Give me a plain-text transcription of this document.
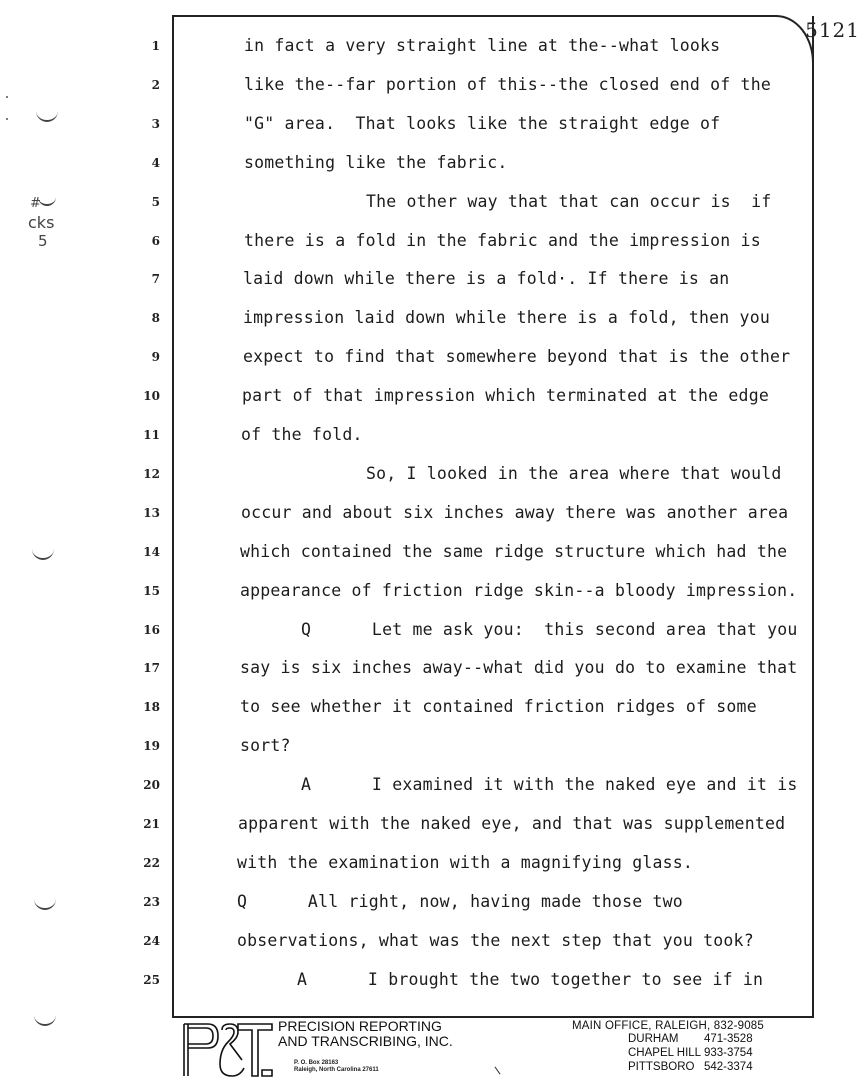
5121
#
cks
5
1	in fact a very straight line at the--what looks
2	like the--far portion of this--the closed end of the
3	"G" area.  That looks like the straight edge of
4	something like the fabric.
5	The other way that that can occur is  if
6	there is a fold in the fabric and the impression is
7	laid down while there is a fold·. If there is an
8	impression laid down while there is a fold, then you
9	expect to find that somewhere beyond that is the other
10	part of that impression which terminated at the edge
11	of the fold.
12	So, I looked in the area where that would
13	occur and about six inches away there was another area
14	which contained the same ridge structure which had the
15	appearance of friction ridge skin--a bloody impression.
16	Q      Let me ask you:  this second area that you
17	say is six inches away--what did you do to examine that
18	to see whether it contained friction ridges of some
19	sort?
20	A      I examined it with the naked eye and it is
21	apparent with the naked eye, and that was supplemented
22	with the examination with a magnifying glass.
23	Q      All right, now, having made those two
24	observations, what was the next step that you took?
25	A      I brought the two together to see if in
PRECISION REPORTING
AND TRANSCRIBING, INC.
P. O. Box 28163
Raleigh, North Carolina 27611
MAIN OFFICE, RALEIGH, 832-9085
DURHAM	471-3528
CHAPEL HILL 933-3754
PITTSBORO 542-3374
